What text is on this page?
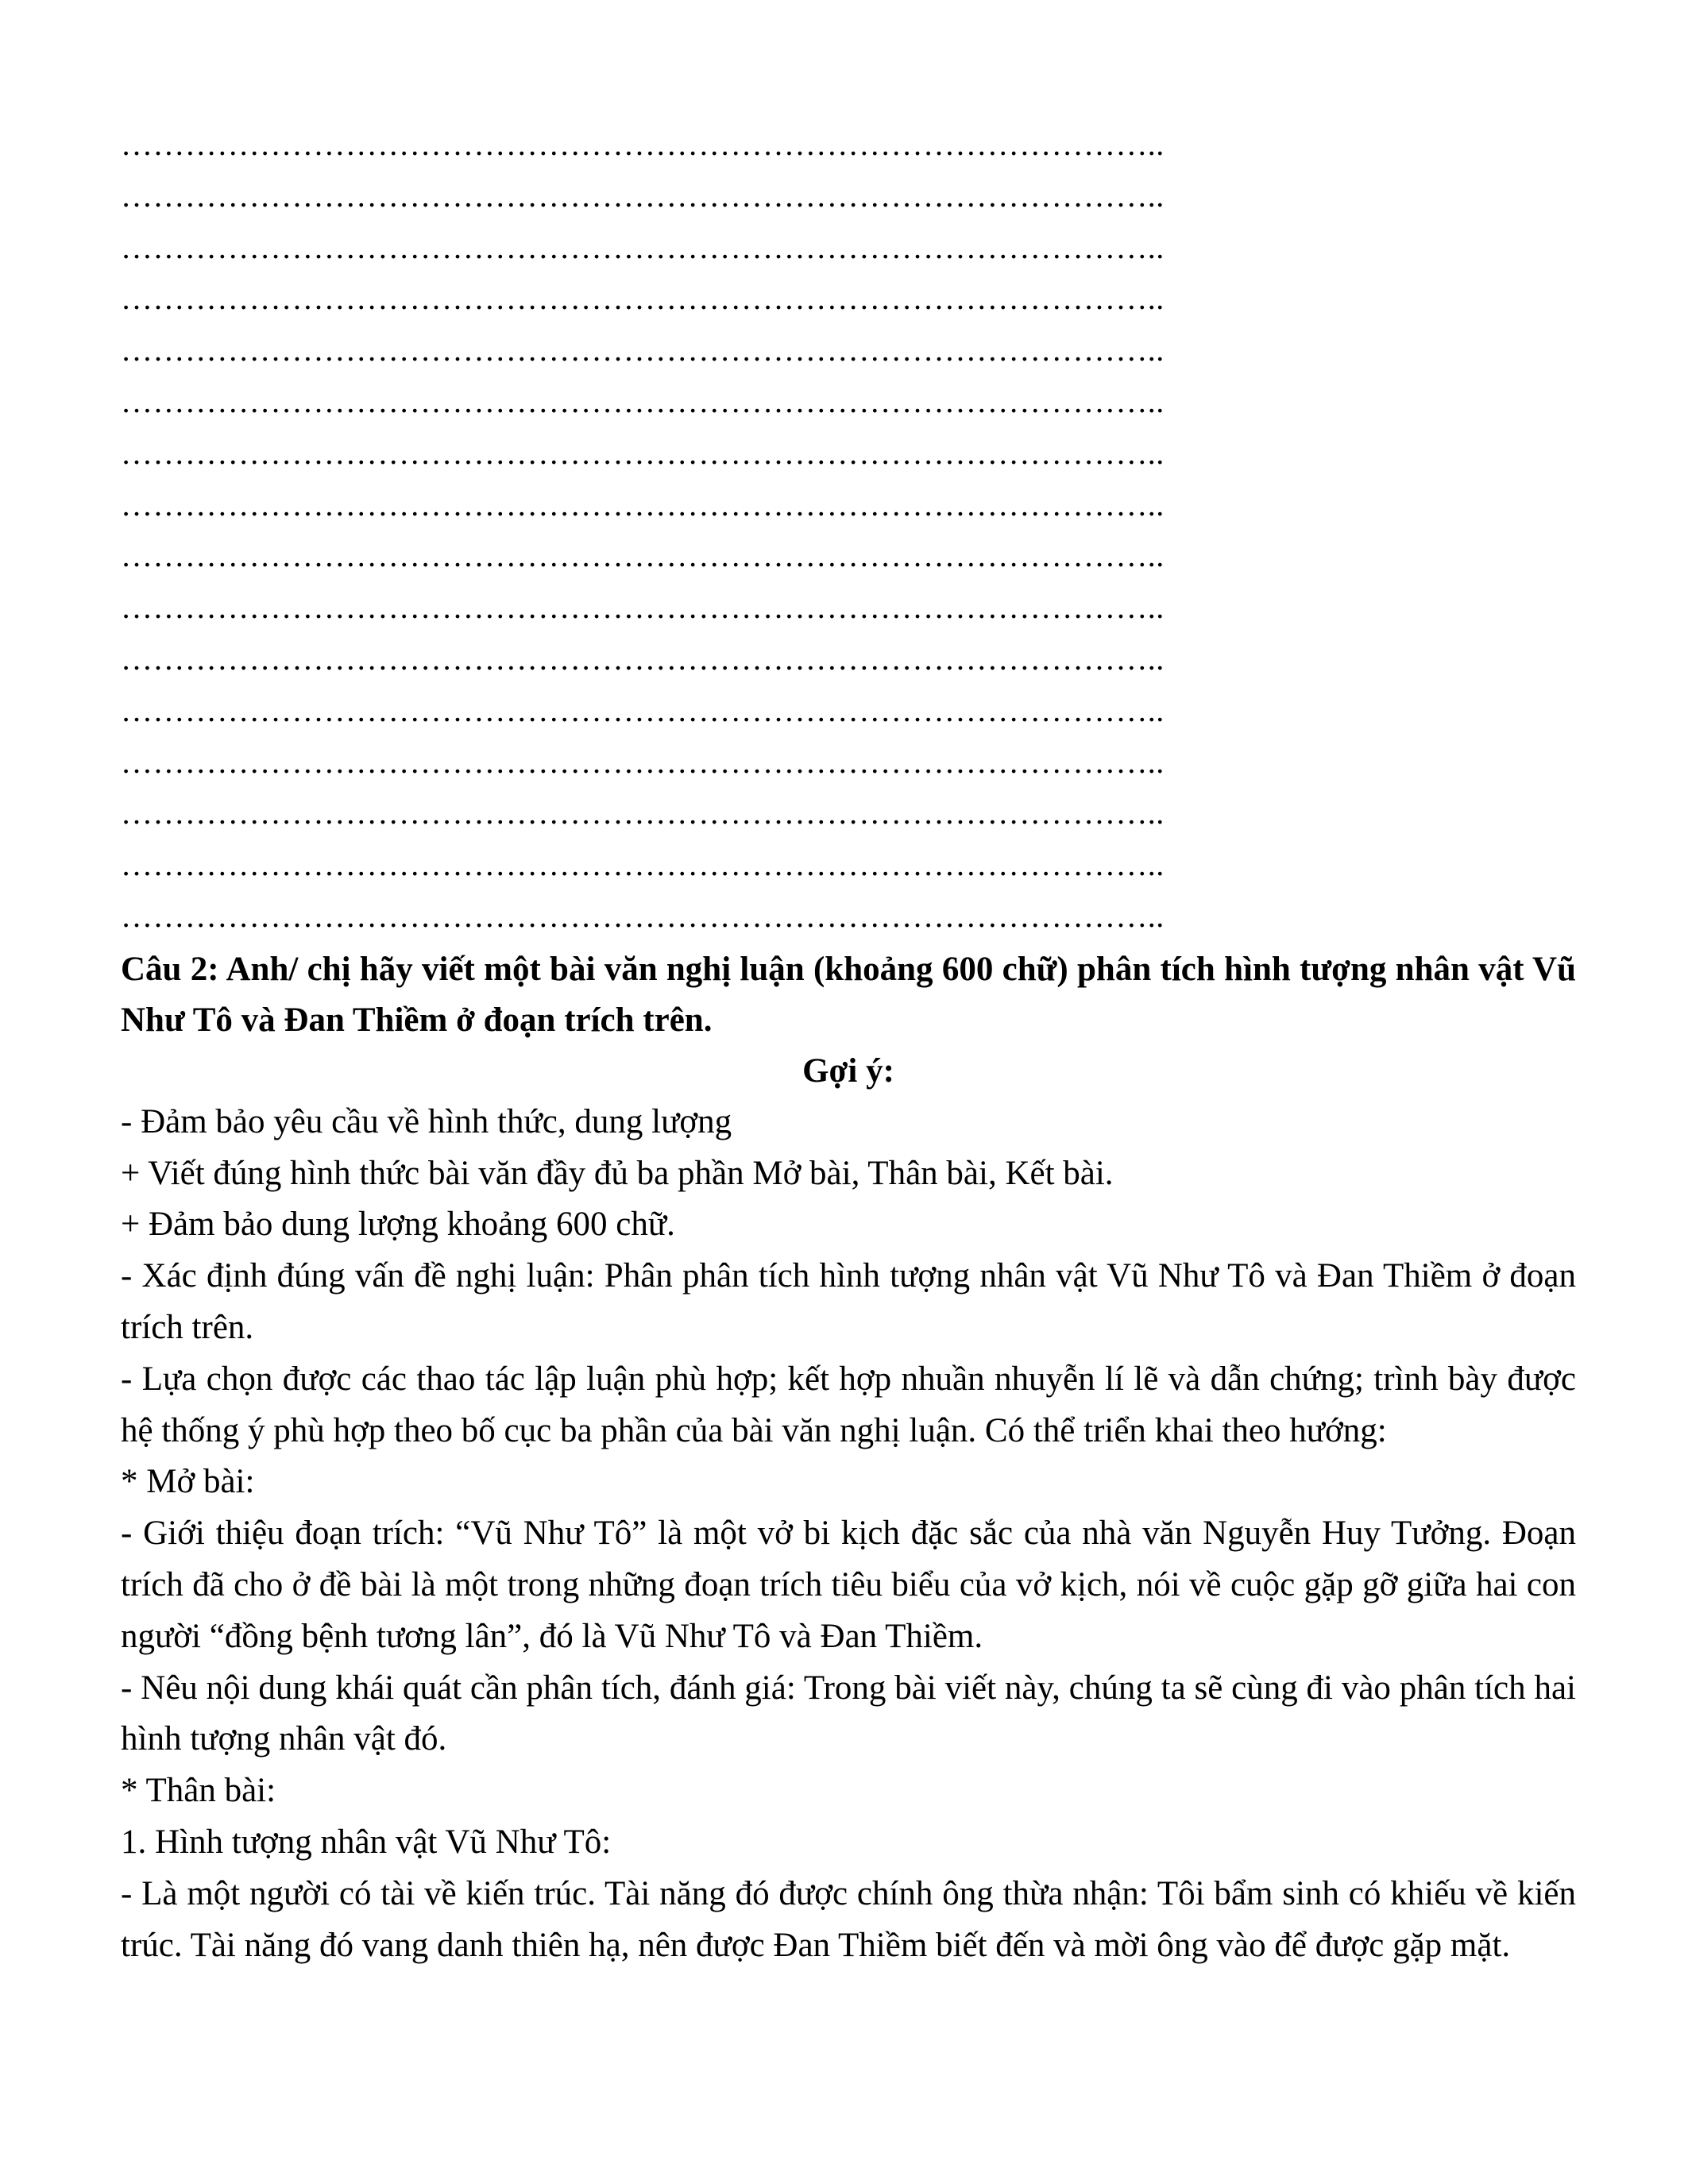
……………………………………………………………………………………..
……………………………………………………………………………………..
……………………………………………………………………………………..
……………………………………………………………………………………..
……………………………………………………………………………………..
……………………………………………………………………………………..
……………………………………………………………………………………..
……………………………………………………………………………………..
……………………………………………………………………………………..
……………………………………………………………………………………..
……………………………………………………………………………………..
……………………………………………………………………………………..
……………………………………………………………………………………..
……………………………………………………………………………………..
……………………………………………………………………………………..
……………………………………………………………………………………..
Câu 2: Anh/ chị hãy viết một bài văn nghị luận (khoảng 600 chữ) phân tích hình tượng nhân vật Vũ Như Tô và Đan Thiềm ở đoạn trích trên.
Gợi ý:
- Đảm bảo yêu cầu về hình thức, dung lượng
+ Viết đúng hình thức bài văn đầy đủ ba phần Mở bài, Thân bài, Kết bài.
+ Đảm bảo dung lượng khoảng 600 chữ.
- Xác định đúng vấn đề nghị luận: Phân phân tích hình tượng nhân vật Vũ Như Tô và Đan Thiềm ở đoạn trích trên.
- Lựa chọn được các thao tác lập luận phù hợp; kết hợp nhuần nhuyễn lí lẽ và dẫn chứng; trình bày được hệ thống ý phù hợp theo bố cục ba phần của bài văn nghị luận. Có thể triển khai theo hướng:
* Mở bài:
- Giới thiệu đoạn trích: “Vũ Như Tô” là một vở bi kịch đặc sắc của nhà văn Nguyễn Huy Tưởng. Đoạn trích đã cho ở đề bài là một trong những đoạn trích tiêu biểu của vở kịch, nói về cuộc gặp gỡ giữa hai con người “đồng bệnh tương lân”, đó là Vũ Như Tô và Đan Thiềm.
- Nêu nội dung khái quát cần phân tích, đánh giá: Trong bài viết này, chúng ta sẽ cùng đi vào phân tích hai hình tượng nhân vật đó.
* Thân bài:
1. Hình tượng nhân vật Vũ Như Tô:
- Là một người có tài về kiến trúc. Tài năng đó được chính ông thừa nhận: Tôi bẩm sinh có khiếu về kiến trúc. Tài năng đó vang danh thiên hạ, nên được Đan Thiềm biết đến và mời ông vào để được gặp mặt.
